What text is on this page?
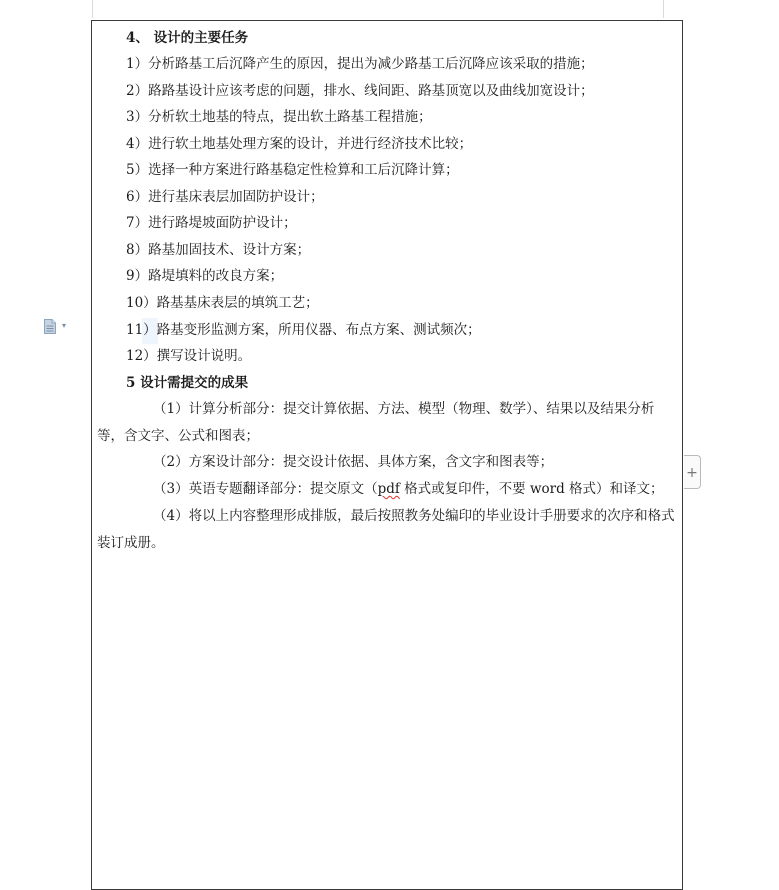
4、 设计的主要任务
1）分析路基工后沉降产生的原因，提出为减少路基工后沉降应该采取的措施；
2）路路基设计应该考虑的问题，排水、线间距、路基顶宽以及曲线加宽设计；
3）分析软土地基的特点，提出软土路基工程措施；
4）进行软土地基处理方案的设计，并进行经济技术比较；
5）选择一种方案进行路基稳定性检算和工后沉降计算；
6）进行基床表层加固防护设计；
7）进行路堤坡面防护设计；
8）路基加固技术、设计方案；
9）路堤填料的改良方案；
10）路基基床表层的填筑工艺；
11）路基变形监测方案，所用仪器、布点方案、测试频次；
12）撰写设计说明。
5 设计需提交的成果
（1）计算分析部分：提交计算依据、方法、模型（物理、数学）、结果以及结果分析等，含文字、公式和图表；
（2）方案设计部分：提交设计依据、具体方案，含文字和图表等；
（3）英语专题翻译部分：提交原文（pdf 格式或复印件，不要 word 格式）和译文；
（4）将以上内容整理形成排版，最后按照教务处编印的毕业设计手册要求的次序和格式装订成册。
▾
+
